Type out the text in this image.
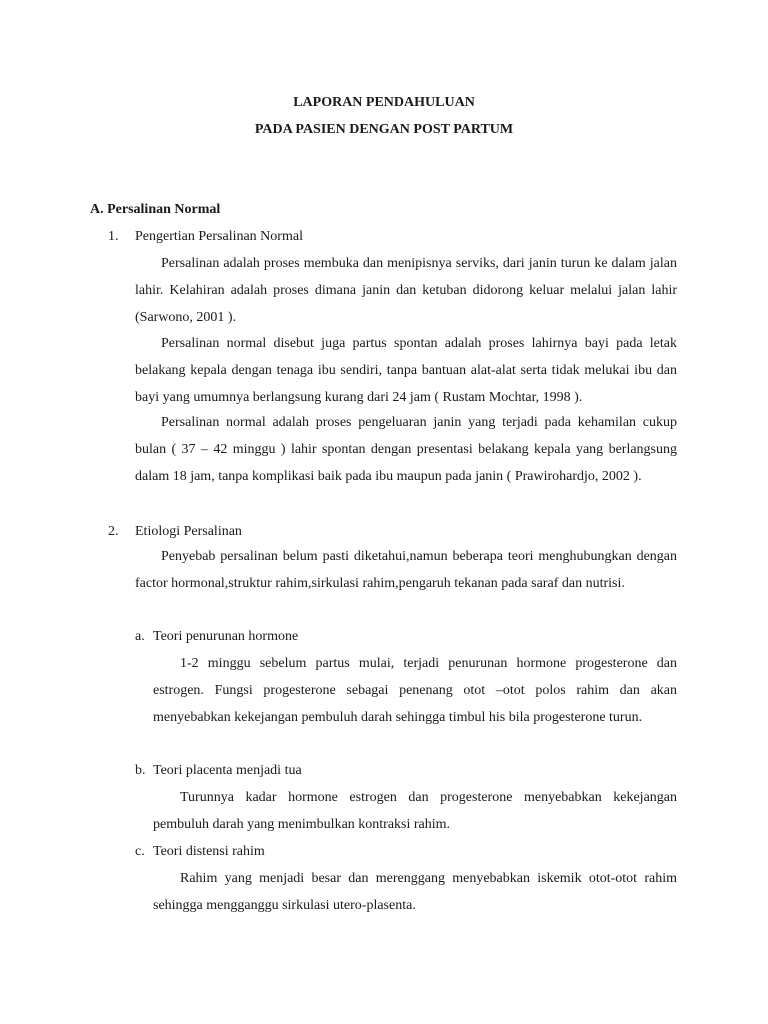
LAPORAN PENDAHULUAN
PADA PASIEN DENGAN POST PARTUM
A. Persalinan Normal
1. Pengertian Persalinan Normal
Persalinan adalah proses membuka dan menipisnya serviks, dari janin turun ke dalam jalan lahir. Kelahiran adalah proses dimana janin dan ketuban didorong keluar melalui jalan lahir (Sarwono, 2001 ).
Persalinan normal disebut juga partus spontan adalah proses lahirnya bayi pada letak belakang kepala dengan tenaga ibu sendiri, tanpa bantuan alat-alat serta tidak melukai ibu dan bayi yang umumnya berlangsung kurang dari 24 jam ( Rustam Mochtar, 1998 ).
Persalinan normal adalah proses pengeluaran janin yang terjadi pada kehamilan cukup bulan ( 37 – 42 minggu ) lahir spontan dengan presentasi belakang kepala yang berlangsung dalam 18 jam, tanpa komplikasi baik pada ibu maupun pada janin ( Prawirohardjo, 2002 ).
2. Etiologi Persalinan
Penyebab persalinan belum pasti diketahui,namun beberapa teori menghubungkan dengan factor hormonal,struktur rahim,sirkulasi rahim,pengaruh tekanan pada saraf dan nutrisi.
a. Teori penurunan hormone
1-2 minggu sebelum partus mulai, terjadi penurunan hormone progesterone dan estrogen. Fungsi progesterone sebagai penenang otot –otot polos rahim dan akan menyebabkan kekejangan pembuluh darah sehingga timbul his bila progesterone turun.
b. Teori placenta menjadi tua
Turunnya kadar hormone estrogen dan progesterone menyebabkan kekejangan pembuluh darah yang menimbulkan kontraksi rahim.
c. Teori distensi rahim
Rahim yang menjadi besar dan merenggang menyebabkan iskemik otot-otot rahim sehingga mengganggu sirkulasi utero-plasenta.
